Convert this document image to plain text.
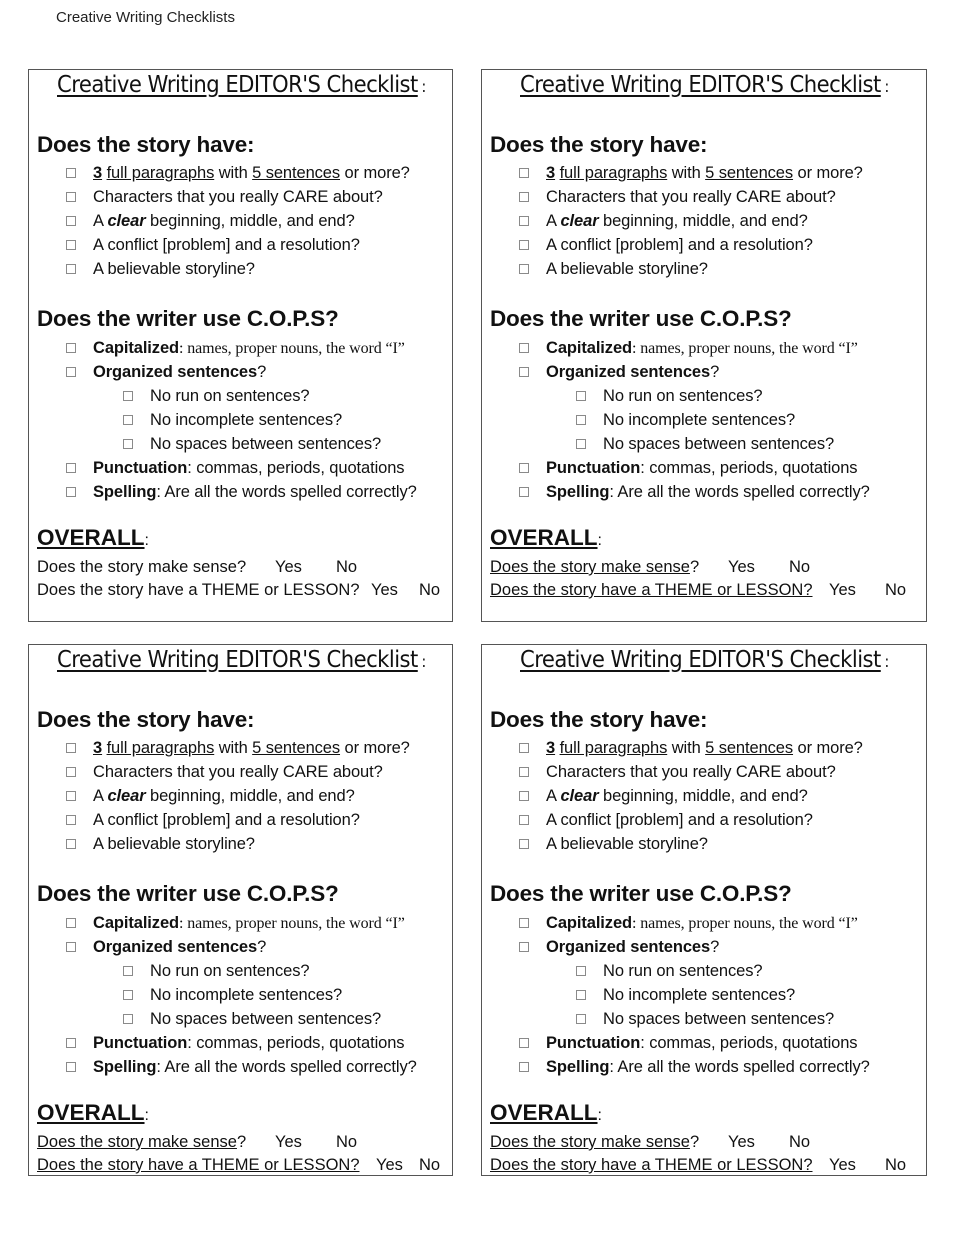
Creative Writing Checklists
Creative Writing EDITOR'S Checklist :
Does the story have:
3 full paragraphs with 5 sentences or more?
Characters that you really CARE about?
A clear beginning, middle, and end?
A conflict [problem] and a resolution?
A believable storyline?
Does the writer use C.O.P.S?
Capitalized: names, proper nouns, the word “I”
Organized sentences?
No run on sentences?
No incomplete sentences?
No spaces between sentences?
Punctuation: commas, periods, quotations
Spelling: Are all the words spelled correctly?
OVERALL:
Does the story make sense? Yes No
Does the story have a THEME or LESSON? Yes No
Creative Writing EDITOR'S Checklist :
Does the story have:
3 full paragraphs with 5 sentences or more?
Characters that you really CARE about?
A clear beginning, middle, and end?
A conflict [problem] and a resolution?
A believable storyline?
Does the writer use C.O.P.S?
Capitalized: names, proper nouns, the word “I”
Organized sentences?
No run on sentences?
No incomplete sentences?
No spaces between sentences?
Punctuation: commas, periods, quotations
Spelling: Are all the words spelled correctly?
OVERALL:
Does the story make sense? Yes No
Does the story have a THEME or LESSON? Yes No
Creative Writing EDITOR'S Checklist :
Does the story have:
3 full paragraphs with 5 sentences or more?
Characters that you really CARE about?
A clear beginning, middle, and end?
A conflict [problem] and a resolution?
A believable storyline?
Does the writer use C.O.P.S?
Capitalized: names, proper nouns, the word “I”
Organized sentences?
No run on sentences?
No incomplete sentences?
No spaces between sentences?
Punctuation: commas, periods, quotations
Spelling: Are all the words spelled correctly?
OVERALL:
Does the story make sense? Yes No
Does the story have a THEME or LESSON? Yes No
Creative Writing EDITOR'S Checklist :
Does the story have:
3 full paragraphs with 5 sentences or more?
Characters that you really CARE about?
A clear beginning, middle, and end?
A conflict [problem] and a resolution?
A believable storyline?
Does the writer use C.O.P.S?
Capitalized: names, proper nouns, the word “I”
Organized sentences?
No run on sentences?
No incomplete sentences?
No spaces between sentences?
Punctuation: commas, periods, quotations
Spelling: Are all the words spelled correctly?
OVERALL:
Does the story make sense? Yes No
Does the story have a THEME or LESSON? Yes No
